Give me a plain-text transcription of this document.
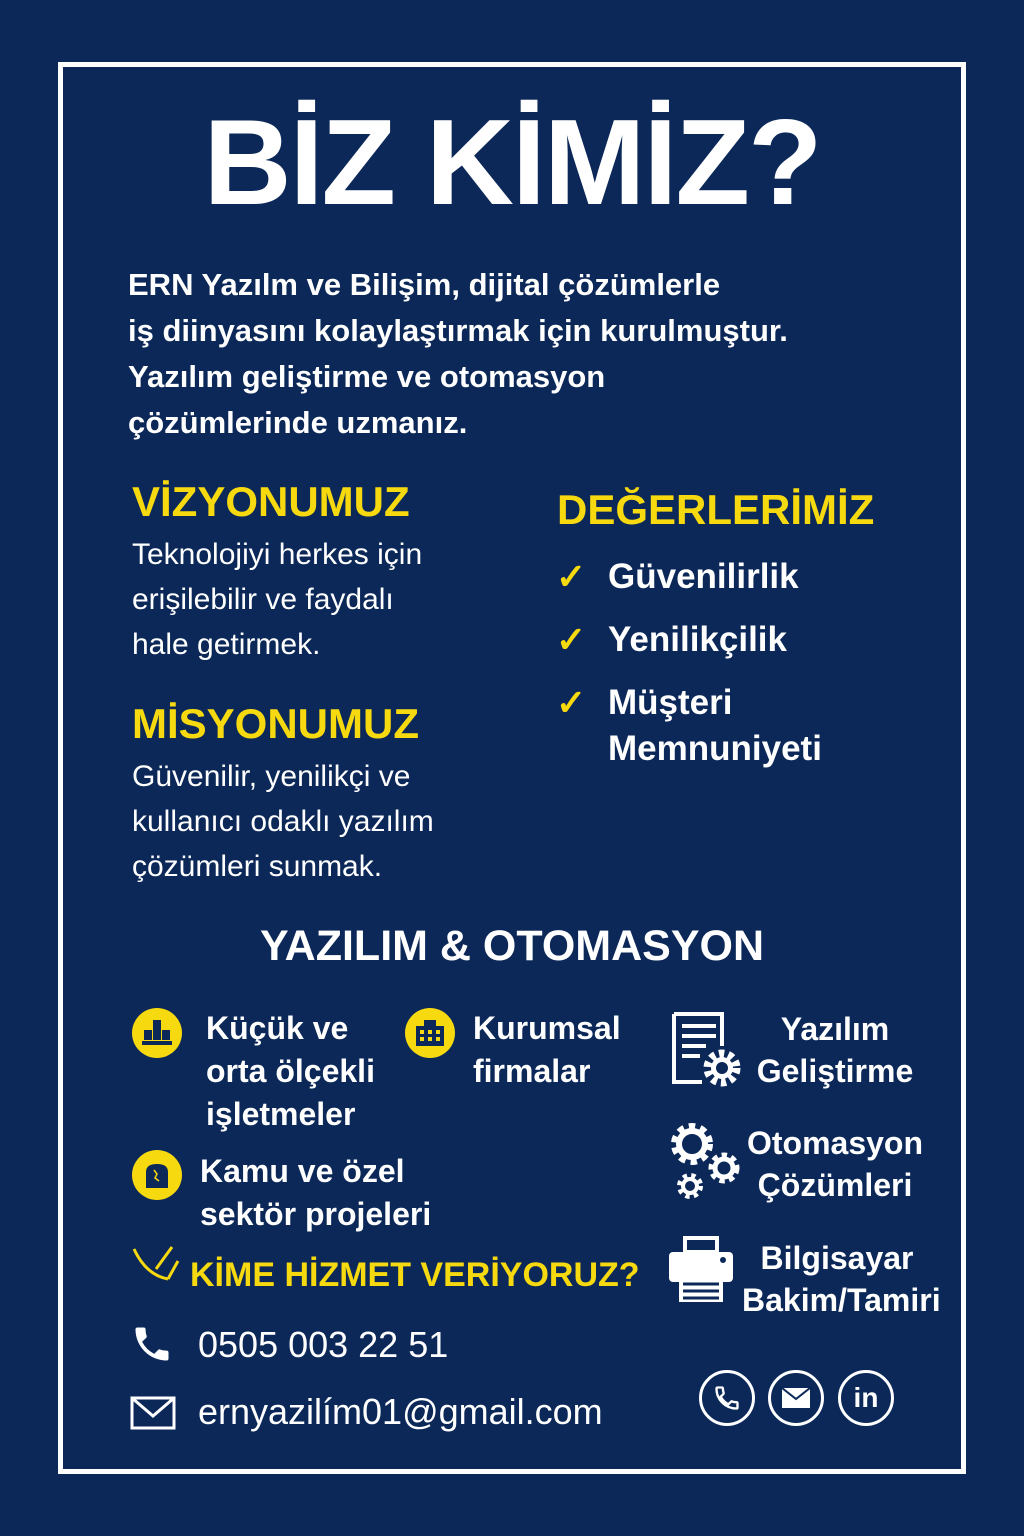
BİZ KİMİZ?
ERN Yazılm ve Bilişim, dijital çözümlerle
iş diinyasını kolaylaştırmak için kurulmuştur.
Yazılım geliştirme ve otomasyon
çözümlerinde uzmanız.
VİZYONUMUZ
Teknolojiyi herkes için
erişilebilir ve faydalı
hale getirmek.
MİSYONUMUZ
Güvenilir, yenilikçi ve
kullanıcı odaklı yazılım
çözümleri sunmak.
DEĞERLERİMİZ
✓ Güvenilirlik
✓ Yenilikçilik
✓ Müşteri
Memnuniyeti
YAZILIM & OTOMASYON
Küçük ve
orta ölçekli
işletmeler
Kurumsal
firmalar
Kamu ve özel
sektör projeleri
KİME HİZMET VERİYORUZ?
0505 003 22 51
ernyazilím01@gmail.com
Yazılım
Geliştirme
Otomasyon
Çözümleri
Bilgisayar
Bakim/Tamiri
in
